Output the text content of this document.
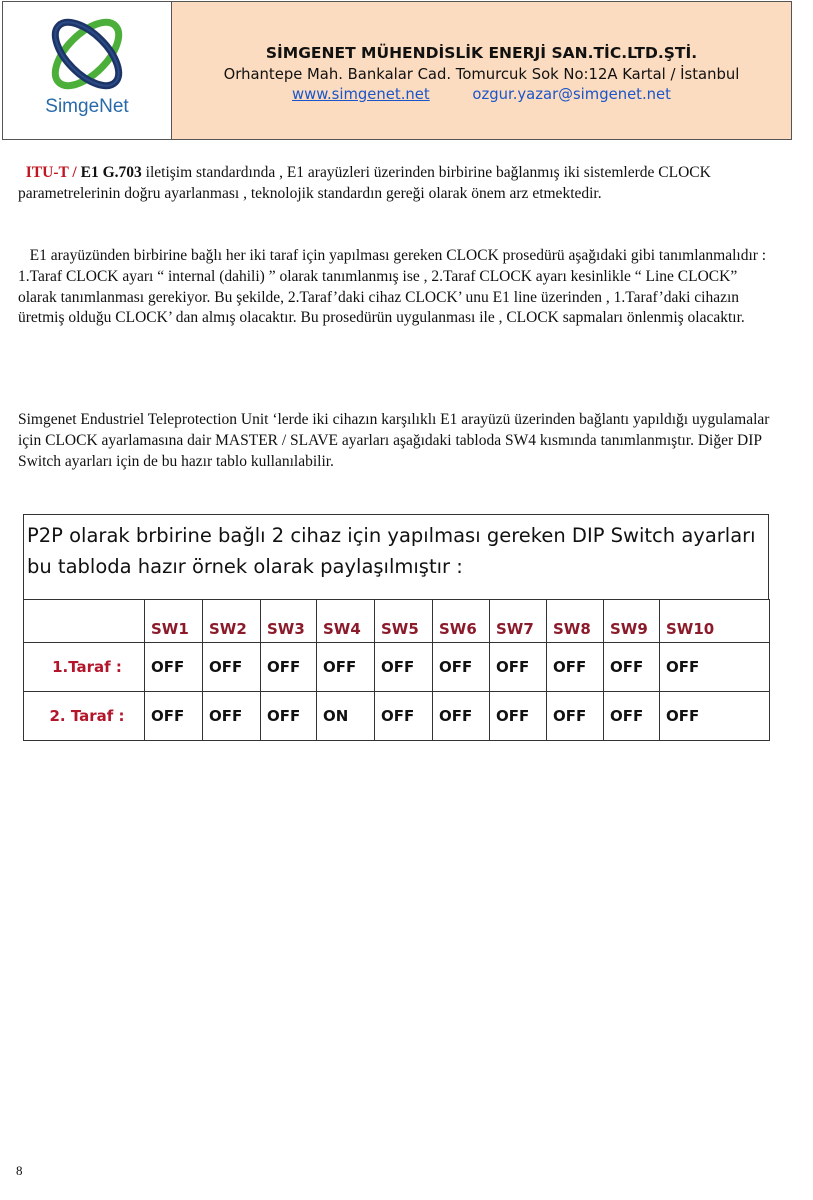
SimgeNet
SİMGENET MÜHENDİSLİK ENERJİ SAN.TİC.LTD.ŞTİ.
Orhantepe Mah. Bankalar Cad. Tomurcuk Sok No:12A Kartal / İstanbul
www.simgenet.net	ozgur.yazar@simgenet.net
ITU-T / E1 G.703 iletişim standardında , E1 arayüzleri üzerinden birbirine bağlanmış iki sistemlerde CLOCK parametrelerinin doğru ayarlanması , teknolojik standardın gereği olarak önem arz etmektedir.
E1 arayüzünden birbirine bağlı her iki taraf için yapılması gereken CLOCK prosedürü aşağıdaki gibi tanımlanmalıdır :
1.Taraf CLOCK ayarı “ internal (dahili) ” olarak tanımlanmış ise , 2.Taraf CLOCK ayarı kesinlikle “ Line CLOCK” olarak tanımlanması gerekiyor. Bu şekilde, 2.Taraf’daki cihaz CLOCK’ unu E1 line üzerinden , 1.Taraf’daki cihazın üretmiş olduğu CLOCK’ dan almış olacaktır. Bu prosedürün uygulanması ile , CLOCK sapmaları önlenmiş olacaktır.
Simgenet Endustriel Teleprotection Unit ‘lerde iki cihazın karşılıklı E1 arayüzü üzerinden bağlantı yapıldığı uygulamalar için CLOCK ayarlamasına dair MASTER / SLAVE ayarları aşağıdaki tabloda SW4 kısmında tanımlanmıştır. Diğer DIP Switch ayarları için de bu hazır tablo kullanılabilir.
P2P olarak brbirine bağlı 2 cihaz için yapılması gereken DIP Switch ayarları bu tabloda hazır örnek olarak paylaşılmıştır :
	SW1	SW2	SW3	SW4	SW5	SW6	SW7	SW8	SW9	SW10
1.Taraf :	OFF	OFF	OFF	OFF	OFF	OFF	OFF	OFF	OFF	OFF
2. Taraf :	OFF	OFF	OFF	ON	OFF	OFF	OFF	OFF	OFF	OFF
8
